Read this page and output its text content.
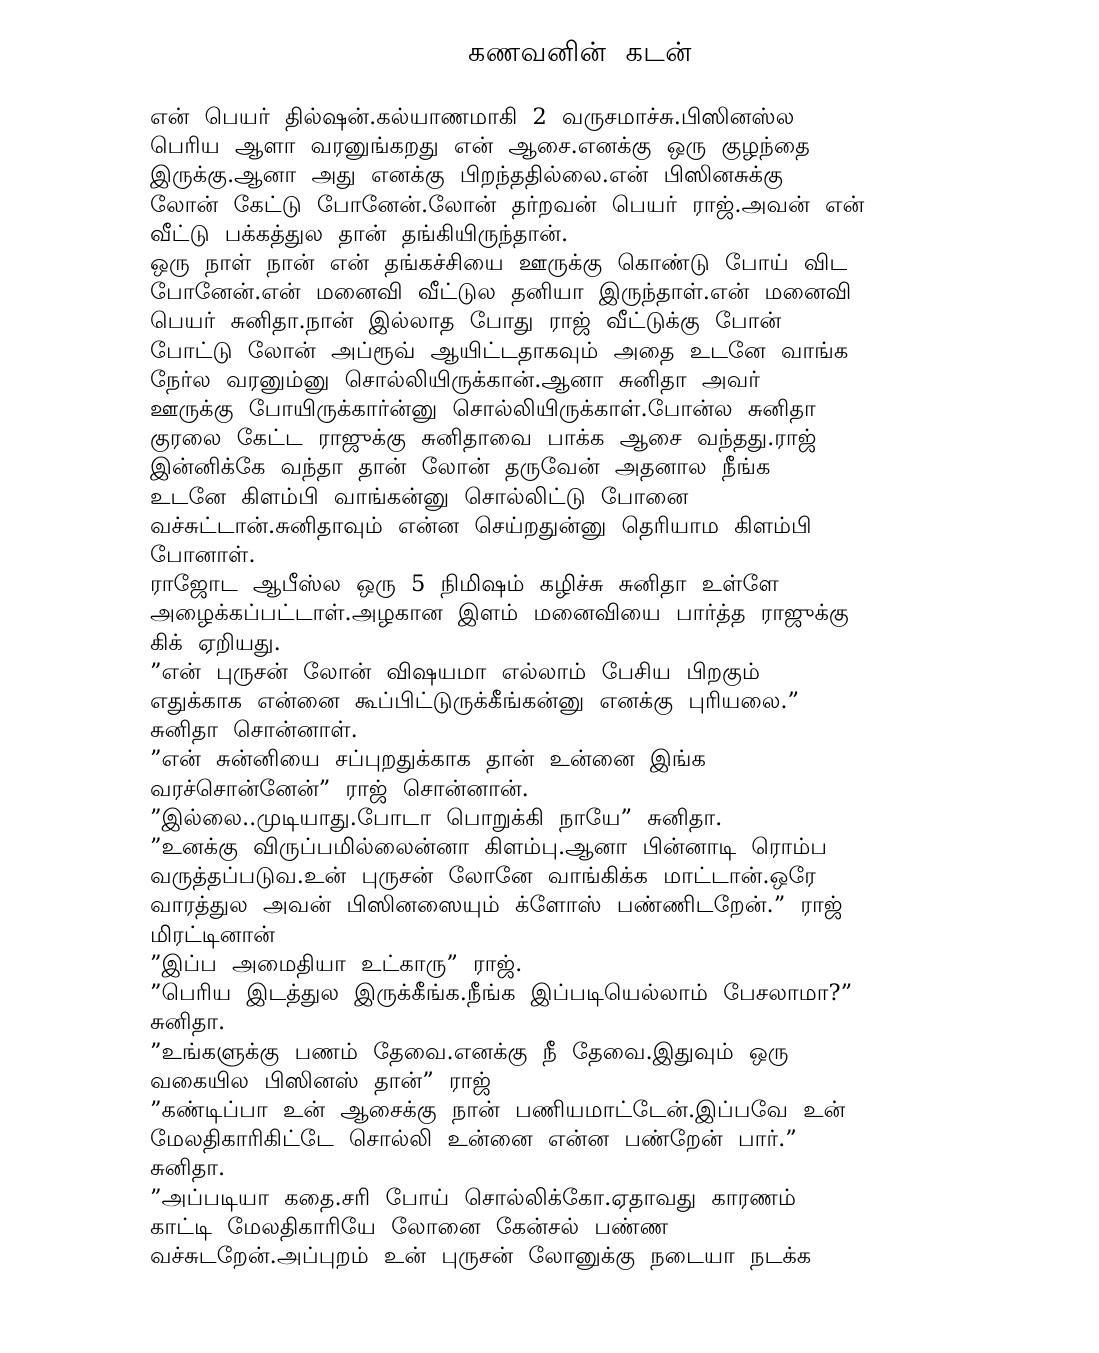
கணவனின் கடன்
என் பெயர் தில்ஷன்.கல்யாணமாகி 2 வருசமாச்சு.பிஸினஸ்ல
பெரிய ஆளா வரனுங்கறது என் ஆசை.எனக்கு ஒரு குழந்தை
இருக்கு.ஆனா அது எனக்கு பிறந்ததில்லை.என் பிஸினசுக்கு
லோன் கேட்டு போனேன்.லோன் தர்றவன் பெயர் ராஜ்.அவன் என்
வீட்டு பக்கத்துல தான் தங்கியிருந்தான்.
ஒரு நாள் நான் என் தங்கச்சியை ஊருக்கு கொண்டு போய் விட
போனேன்.என் மனைவி வீட்டுல தனியா இருந்தாள்.என் மனைவி
பெயர் சுனிதா.நான் இல்லாத போது ராஜ் வீட்டுக்கு போன்
போட்டு லோன் அப்ரூவ் ஆயிட்டதாகவும் அதை உடனே வாங்க
நேர்ல வரனும்னு சொல்லியிருக்கான்.ஆனா சுனிதா அவர்
ஊருக்கு போயிருக்கார்ன்னு சொல்லியிருக்காள்.போன்ல சுனிதா
குரலை கேட்ட ராஜுக்கு சுனிதாவை பாக்க ஆசை வந்தது.ராஜ்
இன்னிக்கே வந்தா தான் லோன் தருவேன் அதனால நீங்க
உடனே கிளம்பி வாங்கன்னு சொல்லிட்டு போனை
வச்சுட்டான்.சுனிதாவும் என்ன செய்றதுன்னு தெரியாம கிளம்பி
போனாள்.
ராஜோட ஆபீஸ்ல ஒரு 5 நிமிஷம் கழிச்சு சுனிதா உள்ளே
அழைக்கப்பட்டாள்.அழகான இளம் மனைவியை பார்த்த ராஜுக்கு
கிக் ஏறியது.
”என் புருசன் லோன் விஷயமா எல்லாம் பேசிய பிறகும்
எதுக்காக என்னை கூப்பிட்டுருக்கீங்கன்னு எனக்கு புரியலை.”
சுனிதா சொன்னாள்.
”என் சுன்னியை சப்புறதுக்காக தான் உன்னை இங்க
வரச்சொன்னேன்” ராஜ் சொன்னான்.
”இல்லை..முடியாது.போடா பொறுக்கி நாயே” சுனிதா.
”உனக்கு விருப்பமில்லைன்னா கிளம்பு.ஆனா பின்னாடி ரொம்ப
வருத்தப்படுவ.உன் புருசன் லோனே வாங்கிக்க மாட்டான்.ஒரே
வாரத்துல அவன் பிஸினஸையும் க்ளோஸ் பண்ணிடறேன்.” ராஜ்
மிரட்டினான்
”இப்ப அமைதியா உட்காரு” ராஜ்.
”பெரிய இடத்துல இருக்கீங்க.நீங்க இப்படியெல்லாம் பேசலாமா?”
சுனிதா.
”உங்களுக்கு பணம் தேவை.எனக்கு நீ தேவை.இதுவும் ஒரு
வகையில பிஸினஸ் தான்” ராஜ்
”கண்டிப்பா உன் ஆசைக்கு நான் பணியமாட்டேன்.இப்பவே உன்
மேலதிகாரிகிட்டே சொல்லி உன்னை என்ன பண்றேன் பார்.”
சுனிதா.
”அப்படியா கதை.சரி போய் சொல்லிக்கோ.ஏதாவது காரணம்
காட்டி மேலதிகாரியே லோனை கேன்சல் பண்ண
வச்சுடறேன்.அப்புறம் உன் புருசன் லோனுக்கு நடையா நடக்க
